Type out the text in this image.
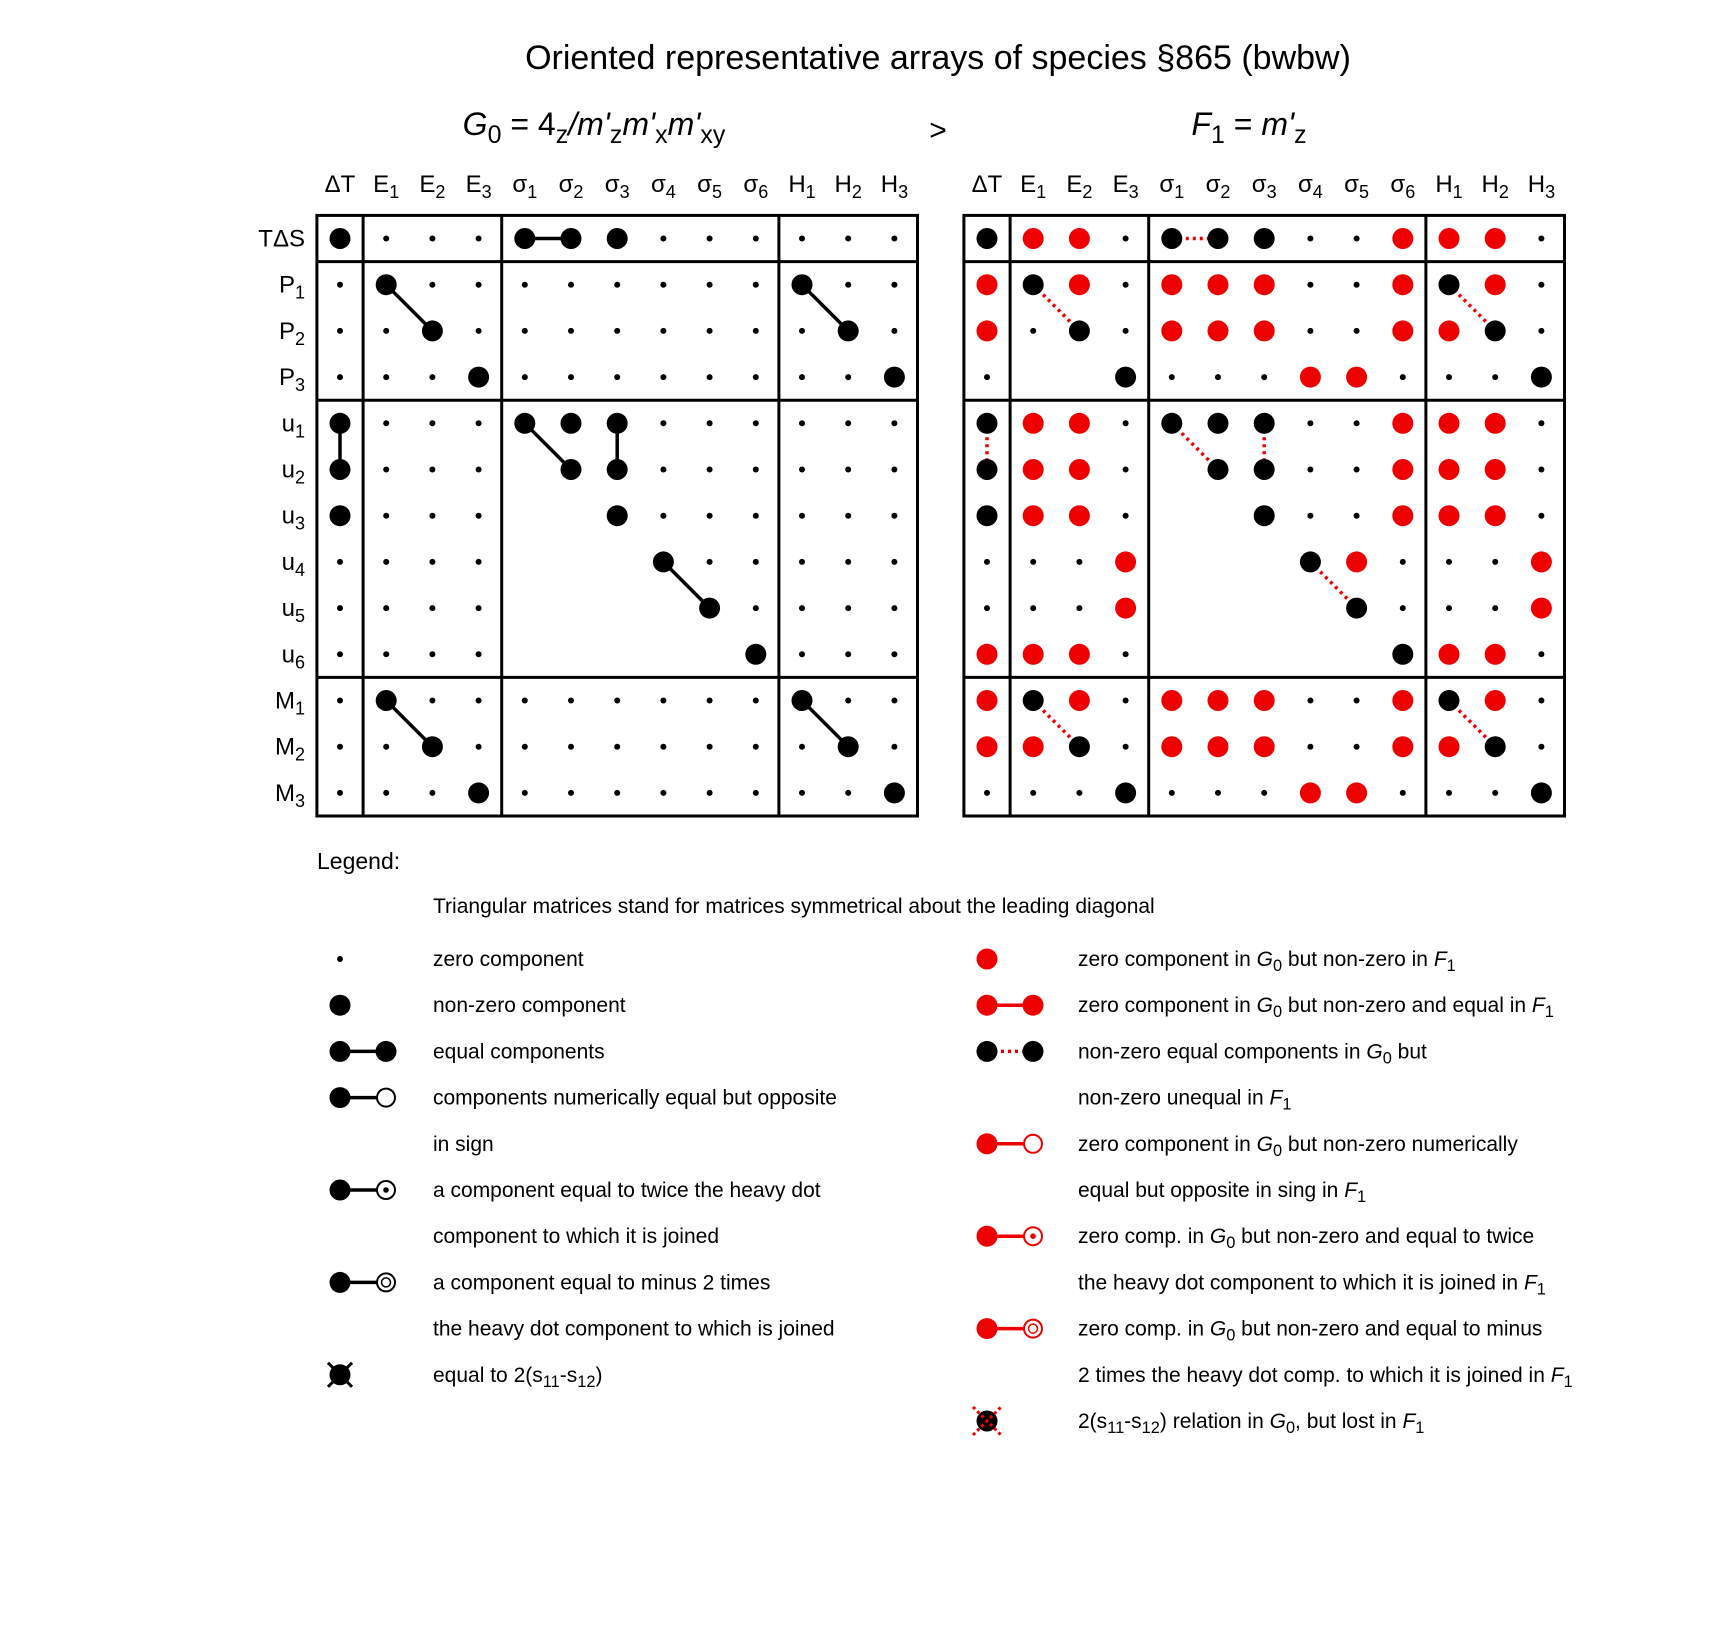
Oriented representative arrays of species §865 (bwbw)
>
G0 = 4z/m'zm'xm'xy	F1 = m'z
ΔT E1 E2 E3 σ1 σ2 σ3 σ4 σ5 σ6 H1 H2 H3
TΔS
P1
P2
P3
u1
u2
u3
u4
u5
u6
M1
M2
M3
ΔT E1 E2 E3 σ1 σ2 σ3 σ4 σ5 σ6 H1 H2 H3
Legend:
Triangular matrices stand for matrices symmetrical about the leading diagonal
zero component
non-zero component
equal components
components numerically equal but opposite
in sign
a component equal to twice the heavy dot
component to which it is joined
a component equal to minus 2 times
the heavy dot component to which is joined
equal to 2(s11-s12)
zero component in G0 but non-zero in F1
zero component in G0 but non-zero and equal in F1
non-zero equal components in G0 but
non-zero unequal in F1
zero component in G0 but non-zero numerically
equal but opposite in sing in F1
zero comp. in G0 but non-zero and equal to twice
the heavy dot component to which it is joined in F1
zero comp. in G0 but non-zero and equal to minus
2 times the heavy dot comp. to which it is joined in F1
2(s11-s12) relation in G0, but lost in F1
